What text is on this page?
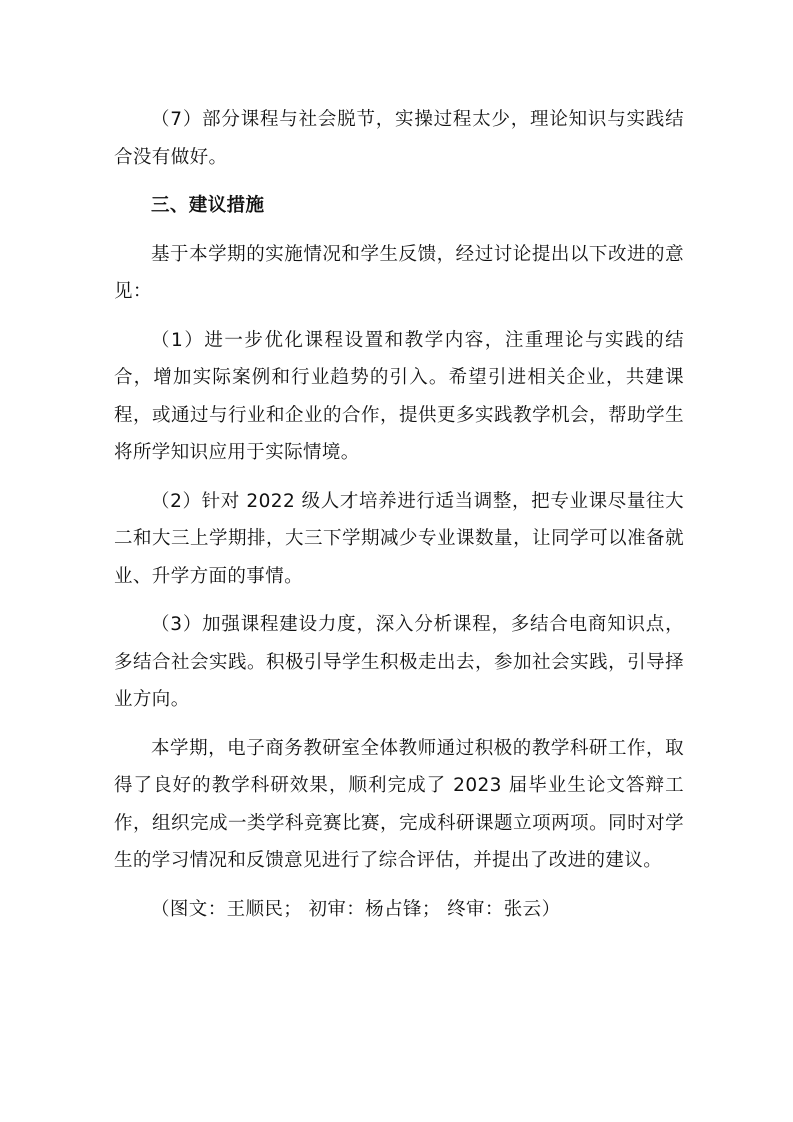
（7）部分课程与社会脱节，实操过程太少，理论知识与实践结合没有做好。

三、建议措施

基于本学期的实施情况和学生反馈，经过讨论提出以下改进的意见：

（1）进一步优化课程设置和教学内容，注重理论与实践的结合，增加实际案例和行业趋势的引入。希望引进相关企业，共建课程，或通过与行业和企业的合作，提供更多实践教学机会，帮助学生将所学知识应用于实际情境。

（2）针对 2022 级人才培养进行适当调整，把专业课尽量往大二和大三上学期排，大三下学期减少专业课数量，让同学可以准备就业、升学方面的事情。

（3）加强课程建设力度，深入分析课程，多结合电商知识点，多结合社会实践。积极引导学生积极走出去，参加社会实践，引导择业方向。

本学期，电子商务教研室全体教师通过积极的教学科研工作，取得了良好的教学科研效果，顺利完成了 2023 届毕业生论文答辩工作，组织完成一类学科竞赛比赛，完成科研课题立项两项。同时对学生的学习情况和反馈意见进行了综合评估，并提出了改进的建议。

（图文：王顺民； 初审：杨占锋； 终审：张云）
